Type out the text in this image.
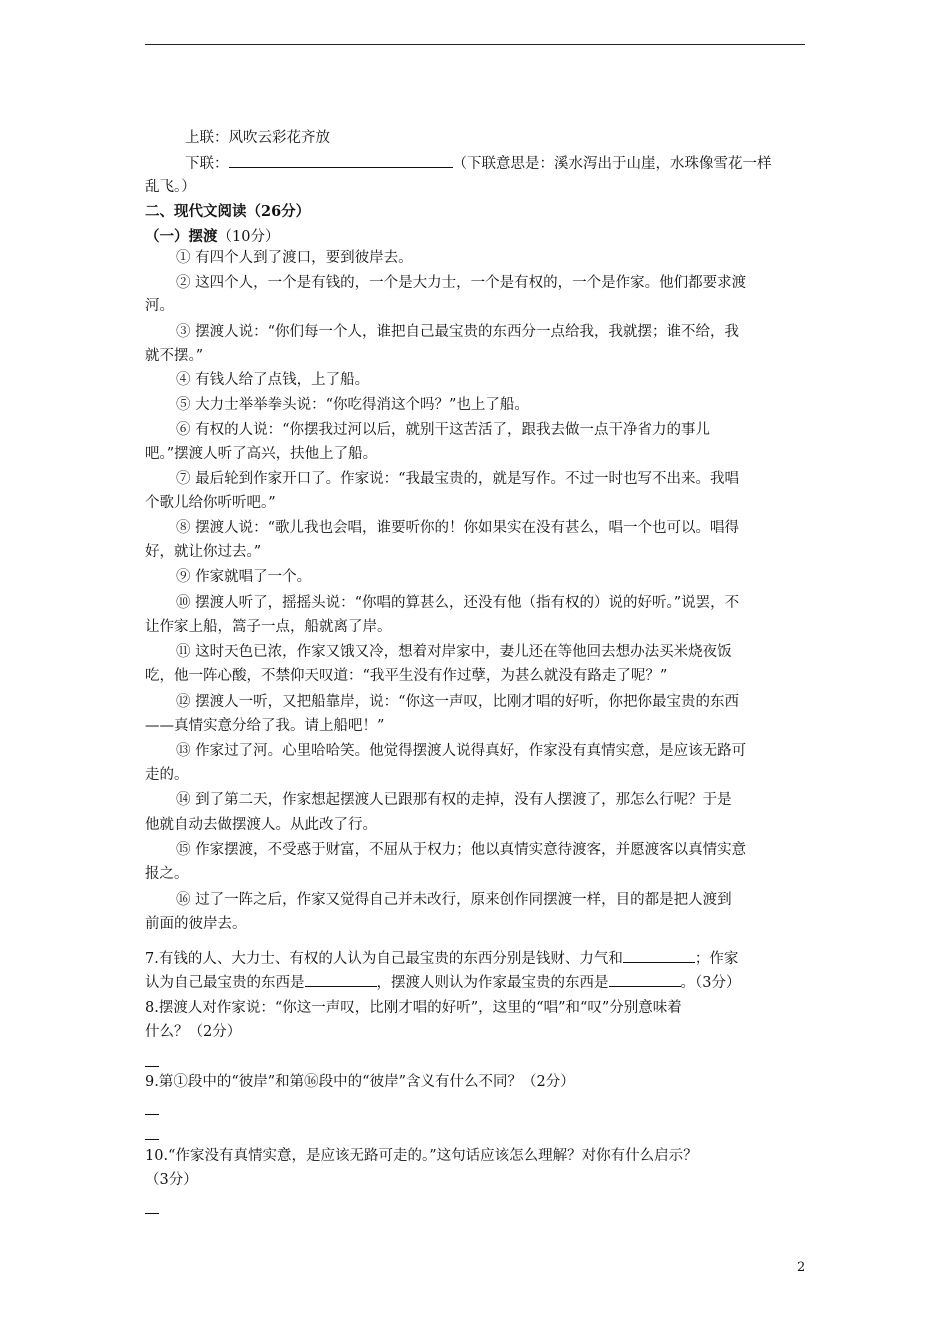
上联：风吹云彩花齐放
下联：	（下联意思是：溪水泻出于山崖，水珠像雪花一样
乱飞。）
二、现代文阅读（26分）
（一）摆渡（10分）
① 有四个人到了渡口，要到彼岸去。
② 这四个人，一个是有钱的，一个是大力士，一个是有权的，一个是作家。他们都要求渡
河。
③ 摆渡人说：“你们每一个人，谁把自己最宝贵的东西分一点给我，我就摆；谁不给，我
就不摆。”
④ 有钱人给了点钱，上了船。
⑤ 大力士举举拳头说：“你吃得消这个吗？”也上了船。
⑥ 有权的人说：“你摆我过河以后，就别干这苦活了，跟我去做一点干净省力的事儿
吧。”摆渡人听了高兴，扶他上了船。
⑦ 最后轮到作家开口了。作家说：“我最宝贵的，就是写作。不过一时也写不出来。我唱
个歌儿给你听听吧。”
⑧ 摆渡人说：“歌儿我也会唱，谁要听你的！你如果实在没有甚么，唱一个也可以。唱得
好，就让你过去。”
⑨ 作家就唱了一个。
⑩ 摆渡人听了，摇摇头说：“你唱的算甚么，还没有他（指有权的）说的好听。”说罢，不
让作家上船，篙子一点，船就离了岸。
⑪ 这时天色已浓，作家又饿又冷，想着对岸家中，妻儿还在等他回去想办法买米烧夜饭
吃，他一阵心酸，不禁仰天叹道：“我平生没有作过孽，为甚么就没有路走了呢？”
⑫ 摆渡人一听，又把船靠岸，说：“你这一声叹，比刚才唱的好听，你把你最宝贵的东西
——真情实意分给了我。请上船吧！”
⑬ 作家过了河。心里哈哈笑。他觉得摆渡人说得真好，作家没有真情实意，是应该无路可
走的。
⑭ 到了第二天，作家想起摆渡人已跟那有权的走掉，没有人摆渡了，那怎么行呢？于是
他就自动去做摆渡人。从此改了行。
⑮ 作家摆渡，不受惑于财富，不屈从于权力；他以真情实意待渡客，并愿渡客以真情实意
报之。
⑯ 过了一阵之后，作家又觉得自己并未改行，原来创作同摆渡一样，目的都是把人渡到
前面的彼岸去。
7.有钱的人、大力士、有权的人认为自己最宝贵的东西分别是钱财、力气和	；作家
认为自己最宝贵的东西是	，摆渡人则认为作家最宝贵的东西是	。（3分）
8.摆渡人对作家说：“你这一声叹，比刚才唱的好听”，这里的“唱”和“叹”分别意味着
什么？（2分）
9.第①段中的“彼岸”和第⑯段中的“彼岸”含义有什么不同？（2分）
10.“作家没有真情实意，是应该无路可走的。”这句话应该怎么理解？对你有什么启示？
（3分）
2
